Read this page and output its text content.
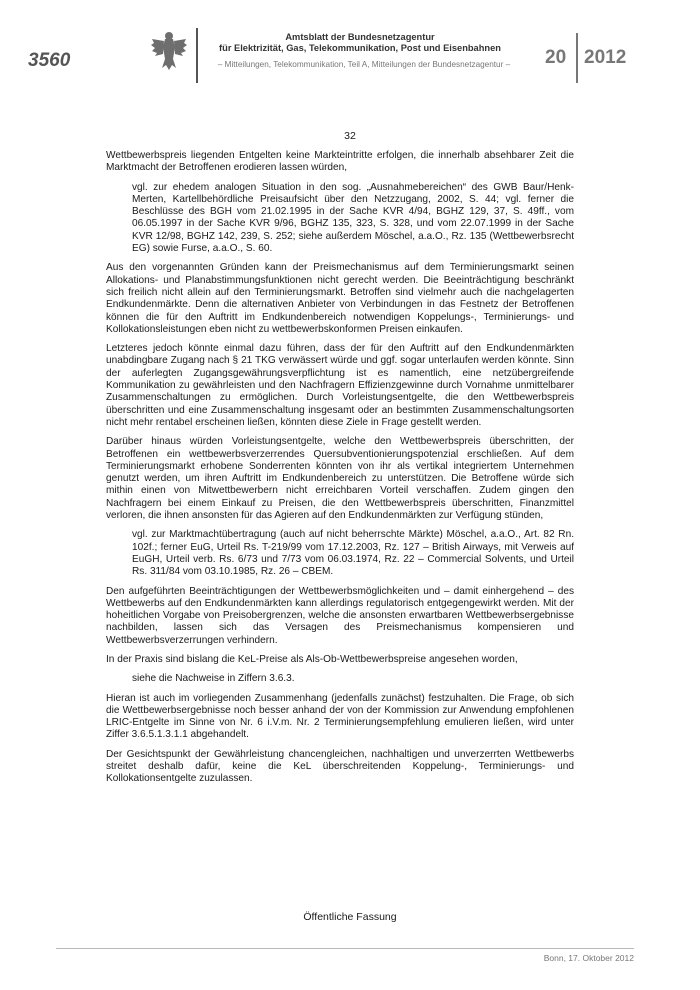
3560
Amtsblatt der Bundesnetzagentur
für Elektrizität, Gas, Telekommunikation, Post und Eisenbahnen
– Mitteilungen, Telekommunikation, Teil A, Mitteilungen der Bundesnetzagentur –	20 2012
32

Wettbewerbspreis liegenden Entgelten keine Markteintritte erfolgen, die innerhalb absehbarer Zeit die Marktmacht der Betroffenen erodieren lassen würden,

vgl. zur ehedem analogen Situation in den sog. „Ausnahmebereichen“ des GWB Baur/Henk-Merten, Kartellbehördliche Preisaufsicht über den Netzzugang, 2002, S. 44; vgl. ferner die Beschlüsse des BGH vom 21.02.1995 in der Sache KVR 4/94, BGHZ 129, 37, S. 49ff., vom 06.05.1997 in der Sache KVR 9/96, BGHZ 135, 323, S. 328, und vom 22.07.1999 in der Sache KVR 12/98, BGHZ 142, 239, S. 252; siehe außerdem Möschel, a.a.O., Rz. 135 (Wettbewerbsrecht EG) sowie Furse, a.a.O., S. 60.

Aus den vorgenannten Gründen kann der Preismechanismus auf dem Terminierungsmarkt seinen Allokations- und Planabstimmungsfunktionen nicht gerecht werden. Die Beeinträchtigung beschränkt sich freilich nicht allein auf den Terminierungsmarkt. Betroffen sind vielmehr auch die nachgelagerten Endkundenmärkte. Denn die alternativen Anbieter von Verbindungen in das Festnetz der Betroffenen können die für den Auftritt im Endkundenbereich notwendigen Koppelungs-, Terminierungs- und Kollokationsleistungen eben nicht zu wettbewerbskonformen Preisen einkaufen.

Letzteres jedoch könnte einmal dazu führen, dass der für den Auftritt auf den Endkundenmärkten unabdingbare Zugang nach § 21 TKG verwässert würde und ggf. sogar unterlaufen werden könnte. Sinn der auferlegten Zugangsgewährungsverpflichtung ist es namentlich, eine netzübergreifende Kommunikation zu gewährleisten und den Nachfragern Effizienzgewinne durch Vornahme unmittelbarer Zusammenschaltungen zu ermöglichen. Durch Vorleistungsentgelte, die den Wettbewerbspreis überschritten und eine Zusammenschaltung insgesamt oder an bestimmten Zusammenschaltungsorten nicht mehr rentabel erscheinen ließen, könnten diese Ziele in Frage gestellt werden.

Darüber hinaus würden Vorleistungsentgelte, welche den Wettbewerbspreis überschritten, der Betroffenen ein wettbewerbsverzerrendes Quersubventionierungspotenzial erschließen. Auf dem Terminierungsmarkt erhobene Sonderrenten könnten von ihr als vertikal integriertem Unternehmen genutzt werden, um ihren Auftritt im Endkundenbereich zu unterstützen. Die Betroffene würde sich mithin einen von Mitwettbewerbern nicht erreichbaren Vorteil verschaffen. Zudem gingen den Nachfragern bei einem Einkauf zu Preisen, die den Wettbewerbspreis überschritten, Finanzmittel verloren, die ihnen ansonsten für das Agieren auf den Endkundenmärkten zur Verfügung stünden,

vgl. zur Marktmachtübertragung (auch auf nicht beherrschte Märkte) Möschel, a.a.O., Art. 82 Rn. 102f.; ferner EuG, Urteil Rs. T-219/99 vom 17.12.2003, Rz. 127 – British Airways, mit Verweis auf EuGH, Urteil verb. Rs. 6/73 und 7/73 vom 06.03.1974, Rz. 22 – Commercial Solvents, und Urteil Rs. 311/84 vom 03.10.1985, Rz. 26 – CBEM.

Den aufgeführten Beeinträchtigungen der Wettbewerbsmöglichkeiten und – damit einhergehend – des Wettbewerbs auf den Endkundenmärkten kann allerdings regulatorisch entgegengewirkt werden. Mit der hoheitlichen Vorgabe von Preisobergrenzen, welche die ansonsten erwartbaren Wettbewerbsergebnisse nachbilden, lassen sich das Versagen des Preismechanismus kompensieren und Wettbewerbsverzerrungen verhindern.

In der Praxis sind bislang die KeL-Preise als Als-Ob-Wettbewerbspreise angesehen worden,

siehe die Nachweise in Ziffern 3.6.3.

Hieran ist auch im vorliegenden Zusammenhang (jedenfalls zunächst) festzuhalten. Die Frage, ob sich die Wettbewerbsergebnisse noch besser anhand der von der Kommission zur Anwendung empfohlenen LRIC-Entgelte im Sinne von Nr. 6 i.V.m. Nr. 2 Terminierungsempfehlung emulieren ließen, wird unter Ziffer 3.6.5.1.3.1.1 abgehandelt.

Der Gesichtspunkt der Gewährleistung chancengleichen, nachhaltigen und unverzerrten Wettbewerbs streitet deshalb dafür, keine die KeL überschreitenden Koppelung-, Terminierungs- und Kollokationsentgelte zuzulassen.

Öffentliche Fassung
Bonn, 17. Oktober 2012
